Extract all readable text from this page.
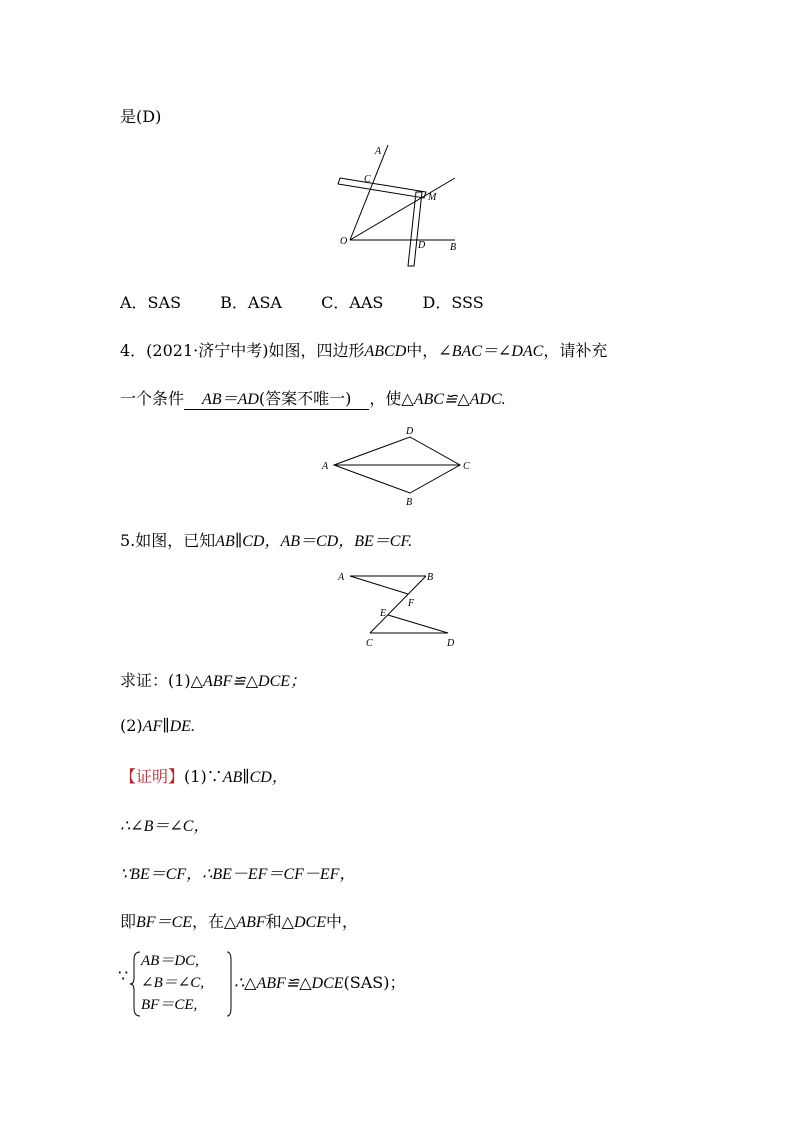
是(D)
A
C
M
O	D B
A．SAS B．ASA C．AAS D．SSS
4．(2021·济宁中考)如图，四边形ABCD中，∠BAC＝∠DAC，请补充
一个条件 AB＝AD(答案不唯一) ，使△ABC≌△ADC.
D
A	C
B
5.如图，已知AB∥CD，AB＝CD，BE＝CF.
A	B
F
E
C	D
求证：(1)△ABF≌△DCE；
(2)AF∥DE.
【证明】(1)∵AB∥CD，
∴∠B＝∠C，
∵BE＝CF，∴BE－EF＝CF－EF，
即BF＝CE，在△ABF和△DCE中，
∵
AB＝DC,
∠B＝∠C,
BF＝CE,
∴△ABF≌△DCE(SAS)；
